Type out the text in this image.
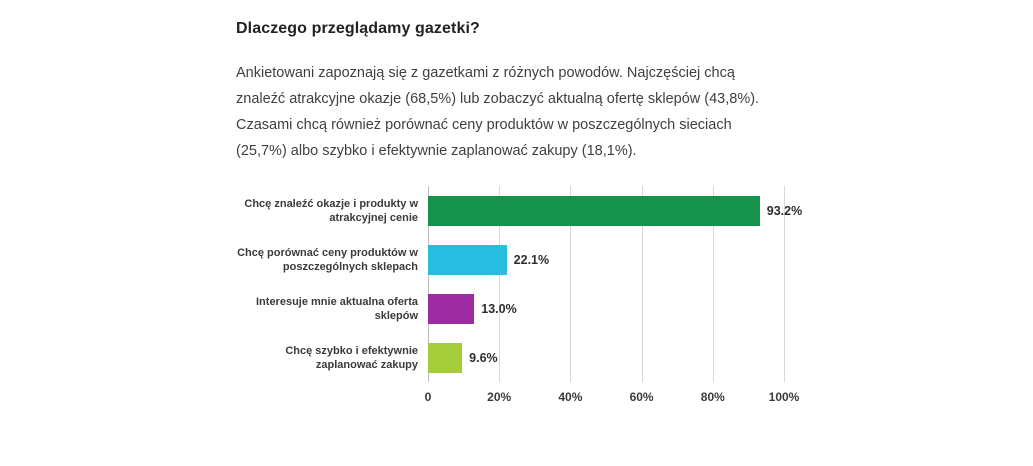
Dlaczego przeglądamy gazetki?

Ankietowani zapoznają się z gazetkami z różnych powodów. Najczęściej chcą znaleźć atrakcyjne okazje (68,5%) lub zobaczyć aktualną ofertę sklepów (43,8%). Czasami chcą również porównać ceny produktów w poszczególnych sieciach (25,7%) albo szybko i efektywnie zaplanować zakupy (18,1%).

Chcę znaleźć okazje i produkty w atrakcyjnej cenie
Chcę porównać ceny produktów w poszczególnych sklepach
Interesuje mnie aktualna oferta sklepów
Chcę szybko i efektywnie zaplanować zakupy
93.2%
22.1%
13.0%
9.6%
0	20%	40%	60%	80%	100%
